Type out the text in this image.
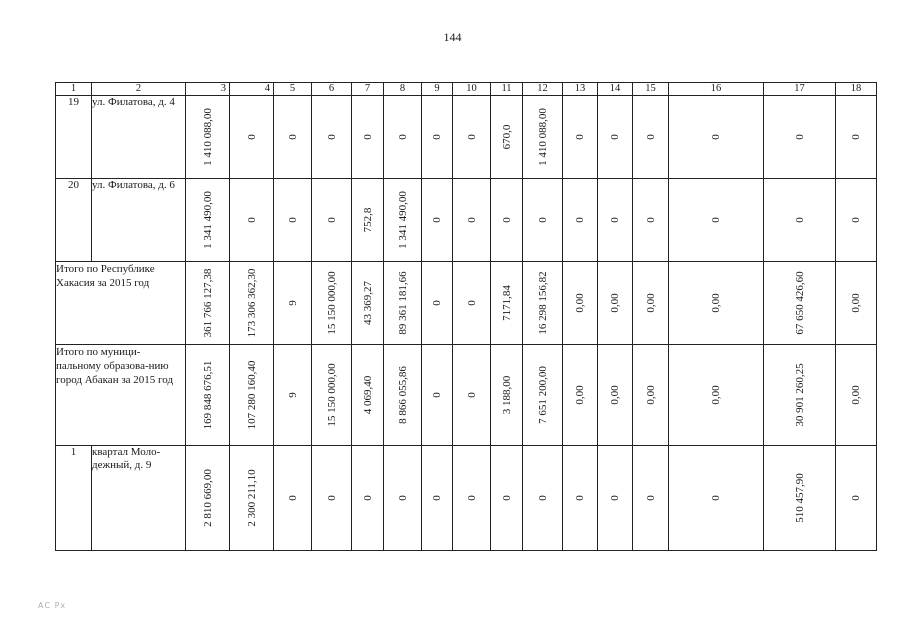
144
1	2	3	4	5	6	7	8	9	10	11	12	13	14	15	16	17	18
19	ул. Филатова, д. 4	1 410 088,00	0	0	0	0	0	0	0	670,0	1 410 088,00	0	0	0	0	0	0

20	ул. Филатова, д. 6	1 341 490,00	0	0	0	752,8	1 341 490,00	0	0	0	0	0	0	0	0	0	0

Итого по Республике Хакасия за 2015 год		361 766 127,38	173 306 362,30	9	15 150 000,00	43 369,27	89 361 181,66	0	0	7171,84	16 298 156,82	0,00	0,00	0,00	0,00	67 650 426,60	0,00

Итого по муници-пальному образова-нию город Абакан за 2015 год		169 848 676,51	107 280 160,40	9	15 150 000,00	4 069,40	8 866 055,86	0	0	3 188,00	7 651 200,00	0,00	0,00	0,00	0,00	30 901 260,25	0,00

1	квартал Моло-дежный, д. 9	2 810 669,00	2 300 211,10	0	0	0	0	0	0	0	0	0	0	0	0	510 457,90	0
АС Рх
